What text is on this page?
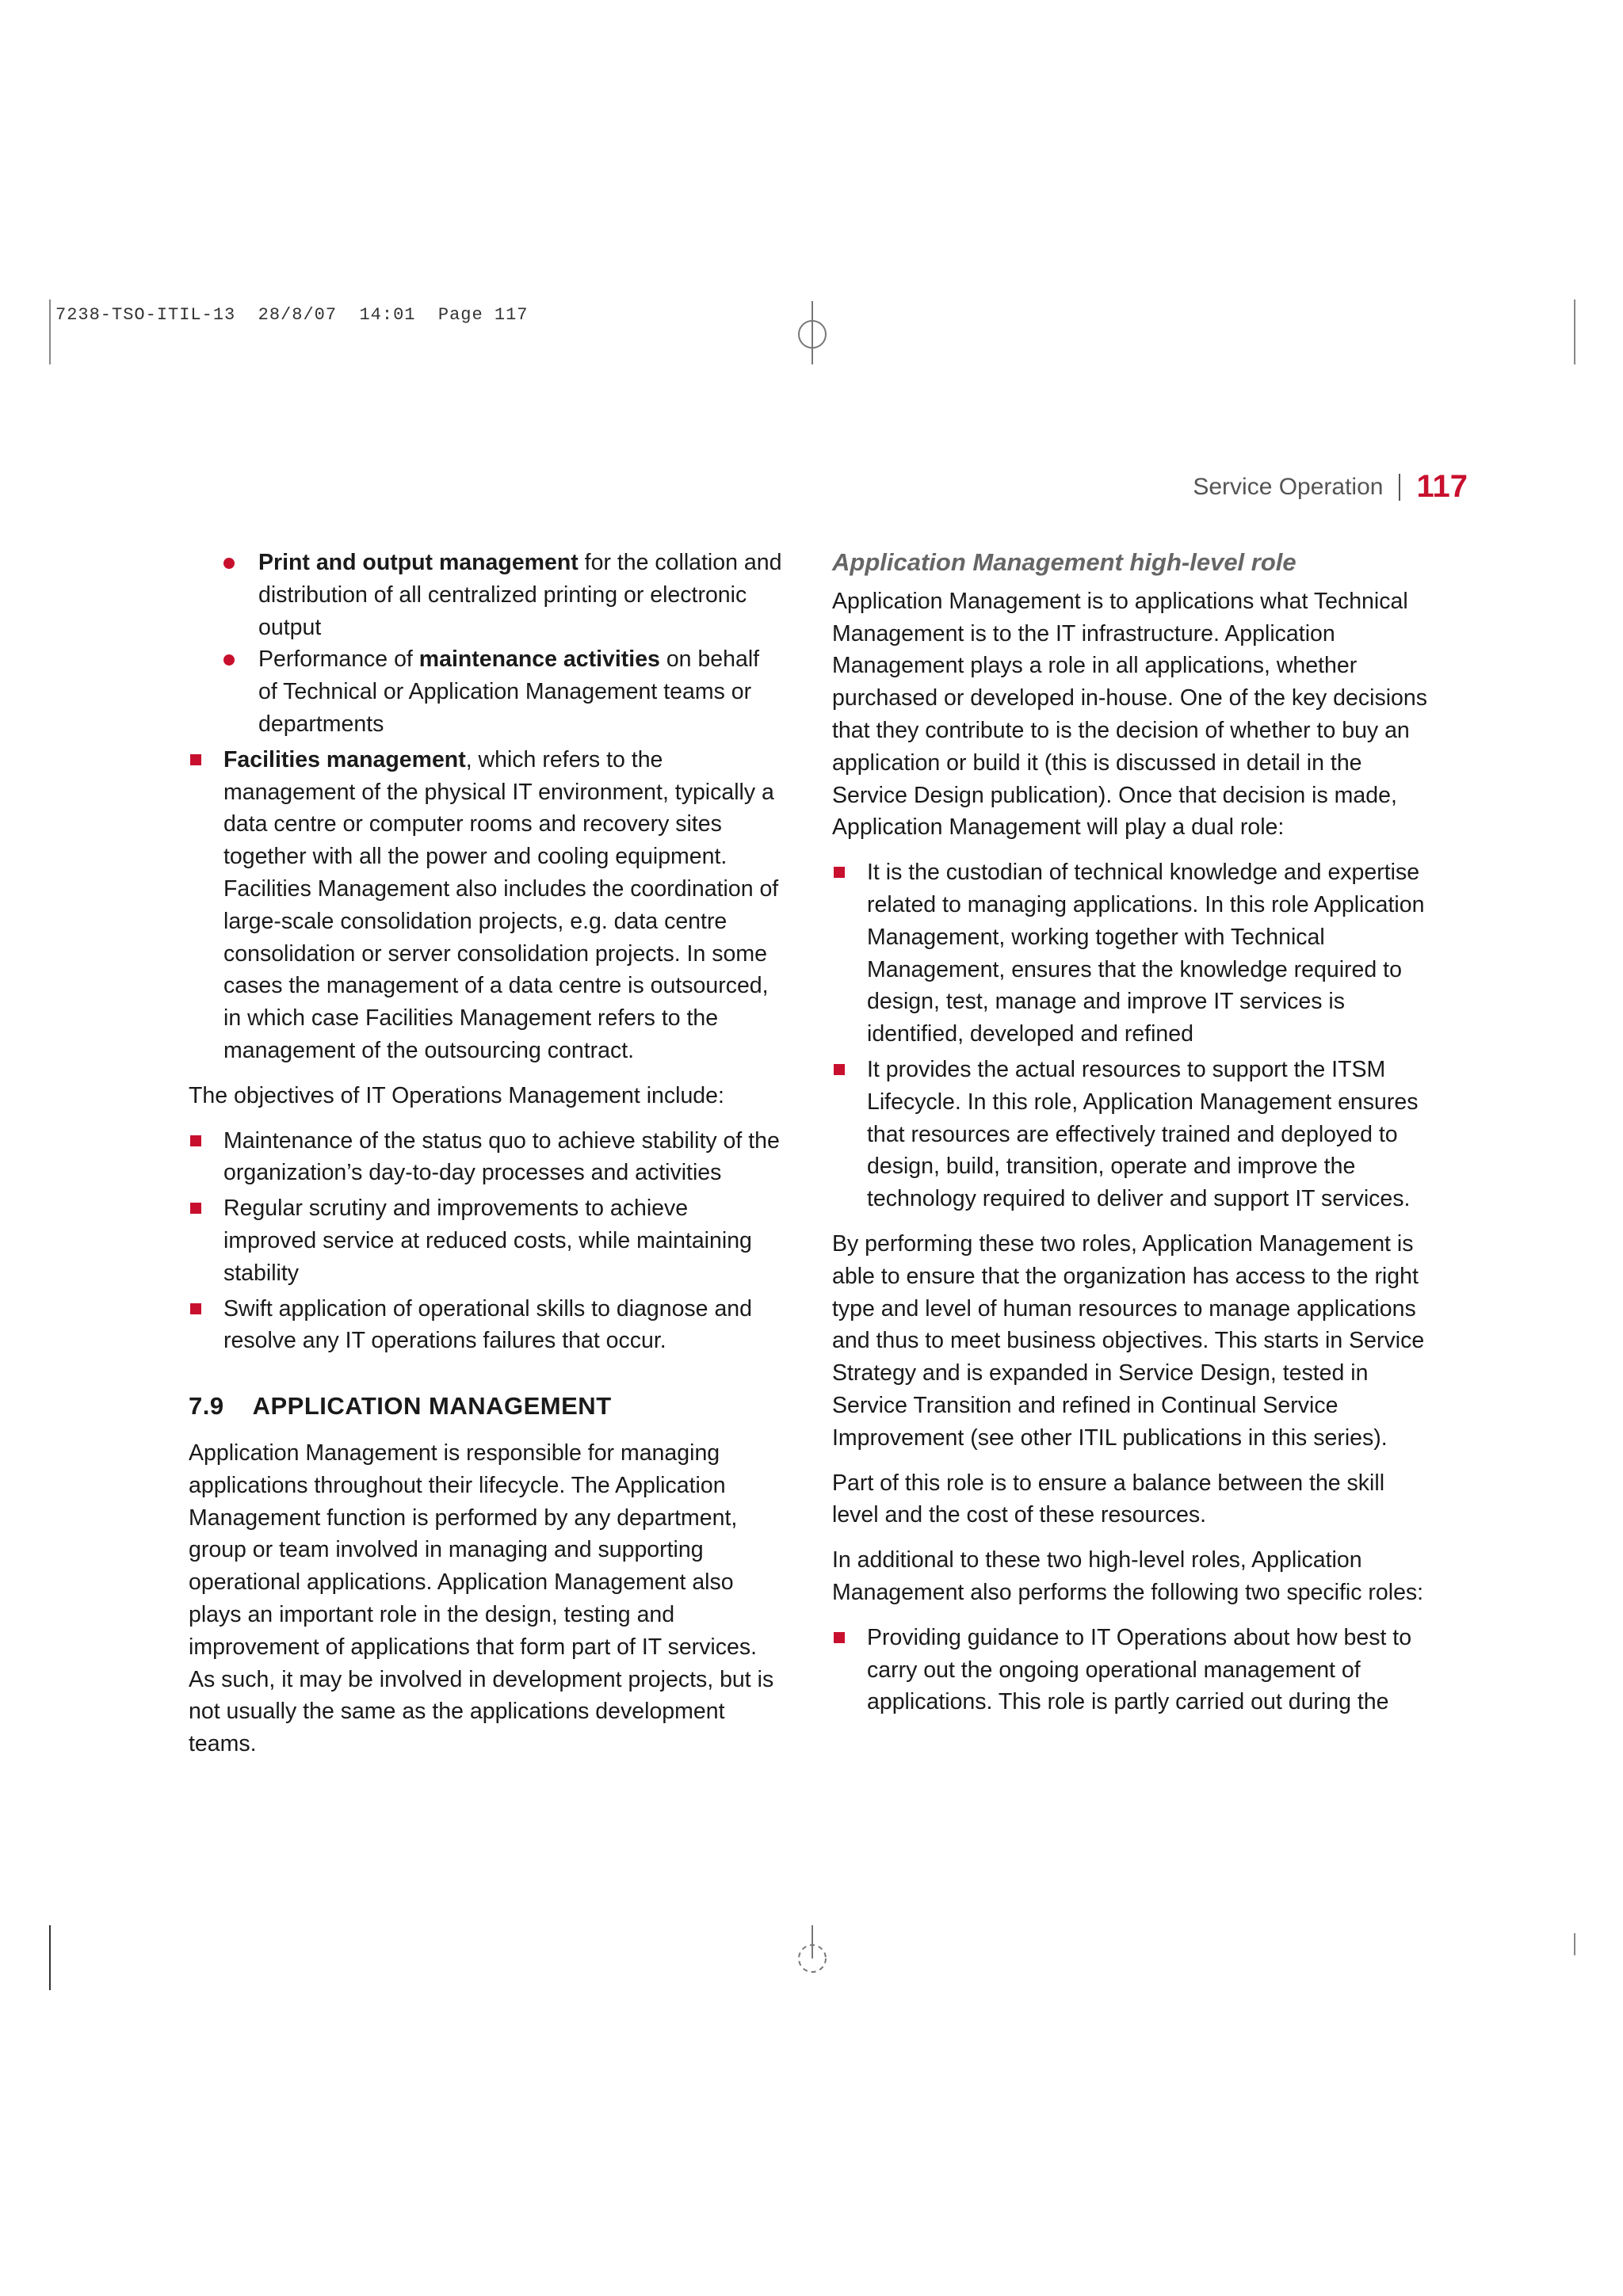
7238-TSO-ITIL-13  28/8/07  14:01  Page 117
Service Operation 117
Print and output management for the collation and distribution of all centralized printing or electronic output
Performance of maintenance activities on behalf of Technical or Application Management teams or departments
Facilities management, which refers to the management of the physical IT environment, typically a data centre or computer rooms and recovery sites together with all the power and cooling equipment. Facilities Management also includes the coordination of large-scale consolidation projects, e.g. data centre consolidation or server consolidation projects. In some cases the management of a data centre is outsourced, in which case Facilities Management refers to the management of the outsourcing contract.

The objectives of IT Operations Management include:

Maintenance of the status quo to achieve stability of the organization’s day-to-day processes and activities
Regular scrutiny and improvements to achieve improved service at reduced costs, while maintaining stability
Swift application of operational skills to diagnose and resolve any IT operations failures that occur.
7.9 APPLICATION MANAGEMENT

Application Management is responsible for managing applications throughout their lifecycle. The Application Management function is performed by any department, group or team involved in managing and supporting operational applications. Application Management also plays an important role in the design, testing and improvement of applications that form part of IT services. As such, it may be involved in development projects, but is not usually the same as the applications development teams.

Application Management high-level role

Application Management is to applications what Technical Management is to the IT infrastructure. Application Management plays a role in all applications, whether purchased or developed in-house. One of the key decisions that they contribute to is the decision of whether to buy an application or build it (this is discussed in detail in the Service Design publication). Once that decision is made, Application Management will play a dual role:

It is the custodian of technical knowledge and expertise related to managing applications. In this role Application Management, working together with Technical Management, ensures that the knowledge required to design, test, manage and improve IT services is identified, developed and refined
It provides the actual resources to support the ITSM Lifecycle. In this role, Application Management ensures that resources are effectively trained and deployed to design, build, transition, operate and improve the technology required to deliver and support IT services.

By performing these two roles, Application Management is able to ensure that the organization has access to the right type and level of human resources to manage applications and thus to meet business objectives. This starts in Service Strategy and is expanded in Service Design, tested in Service Transition and refined in Continual Service Improvement (see other ITIL publications in this series).

Part of this role is to ensure a balance between the skill level and the cost of these resources.

In additional to these two high-level roles, Application Management also performs the following two specific roles:

Providing guidance to IT Operations about how best to carry out the ongoing operational management of applications. This role is partly carried out during the
